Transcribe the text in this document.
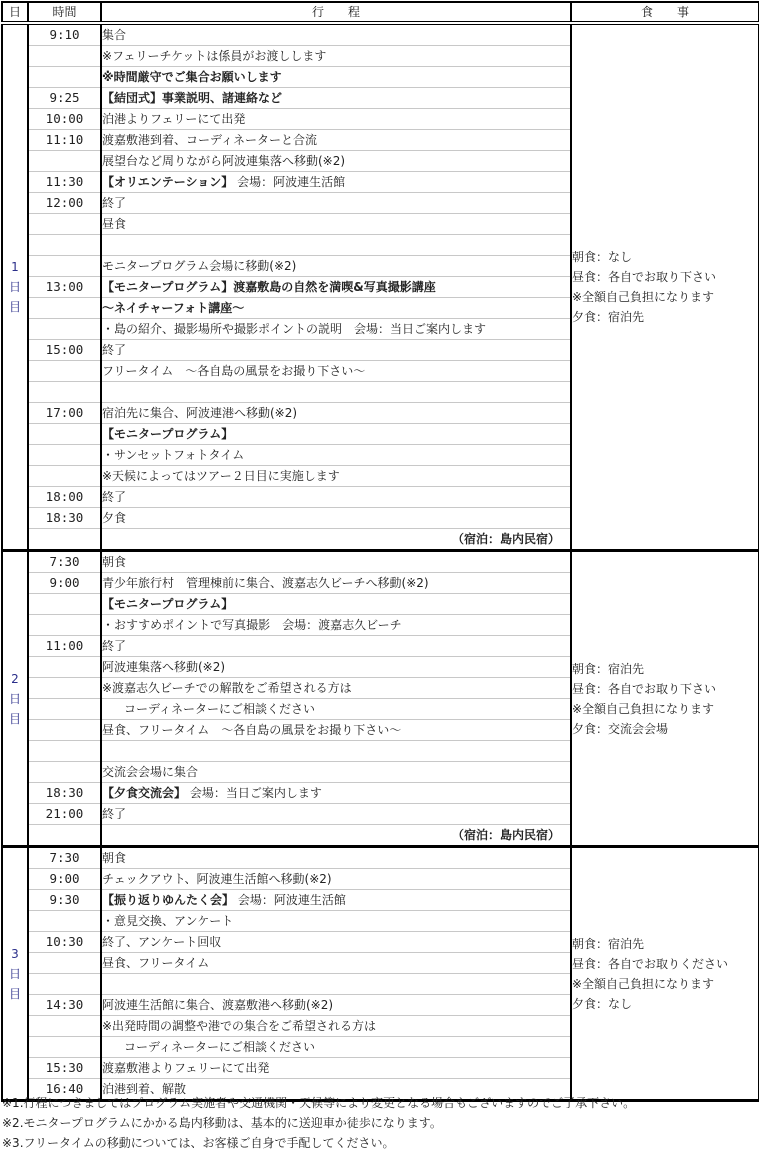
日	時間	行　　程	食　　事

1
日
目	9:10	集合	朝食：なし
昼食：各自でお取り下さい
※全額自己負担になります
夕食：宿泊先

		※フェリーチケットは係員がお渡しします	
		※時間厳守でご集合お願いします	
	9:25	【結団式】事業説明、諸連絡など	
	10:00	泊港よりフェリーにて出発	
	11:10	渡嘉敷港到着、コーディネーターと合流	
		展望台など周りながら阿波連集落へ移動(※2)	
	11:30	【オリエンテーション】 会場：阿波連生活館	
	12:00	終了	
		昼食	

		モニタープログラム会場に移動(※2)	
	13:00	【モニタープログラム】渡嘉敷島の自然を満喫&写真撮影講座	
		～ネイチャーフォト講座～	
		・島の紹介、撮影場所や撮影ポイントの説明　会場：当日ご案内します	
	15:00	終了	
		フリータイム　～各自島の風景をお撮り下さい～	

	17:00	宿泊先に集合、阿波連港へ移動(※2)	
		【モニタープログラム】	
		・サンセットフォトタイム	
		※天候によってはツアー２日目に実施します	
	18:00	終了	
	18:30	夕食	
		（宿泊：島内民宿）	

2
日
目	7:30	朝食	朝食：宿泊先
昼食：各自でお取り下さい
※全額自己負担になります
夕食：交流会会場

	9:00	青少年旅行村　管理棟前に集合、渡嘉志久ビーチへ移動(※2)	
		【モニタープログラム】	
		・おすすめポイントで写真撮影　会場：渡嘉志久ビーチ	
	11:00	終了	
		阿波連集落へ移動(※2)	
		※渡嘉志久ビーチでの解散をご希望される方は	
		コーディネーターにご相談ください	
		昼食、フリータイム　～各自島の風景をお撮り下さい～	

		交流会会場に集合	
	18:30	【夕食交流会】 会場：当日ご案内します	
	21:00	終了	
		（宿泊：島内民宿）	

3
日
目	7:30	朝食	朝食：宿泊先
昼食：各自でお取りください
※全額自己負担になります
夕食：なし

	9:00	チェックアウト、阿波連生活館へ移動(※2)	
	9:30	【振り返りゆんたく会】 会場：阿波連生活館	
		・意見交換、アンケート	
	10:30	終了、アンケート回収	
		昼食、フリータイム	

	14:30	阿波連生活館に集合、渡嘉敷港へ移動(※2)	
		※出発時間の調整や港での集合をご希望される方は	
		コーディネーターにご相談ください	
	15:30	渡嘉敷港よりフェリーにて出発	
	16:40	泊港到着、解散	
※1.行程につきましてはプログラム実施者や交通機関・天候等により変更となる場合もございますのでご了承下さい。
※2.モニタープログラムにかかる島内移動は、基本的に送迎車か徒歩になります。
※3.フリータイムの移動については、お客様ご自身で手配してください。
